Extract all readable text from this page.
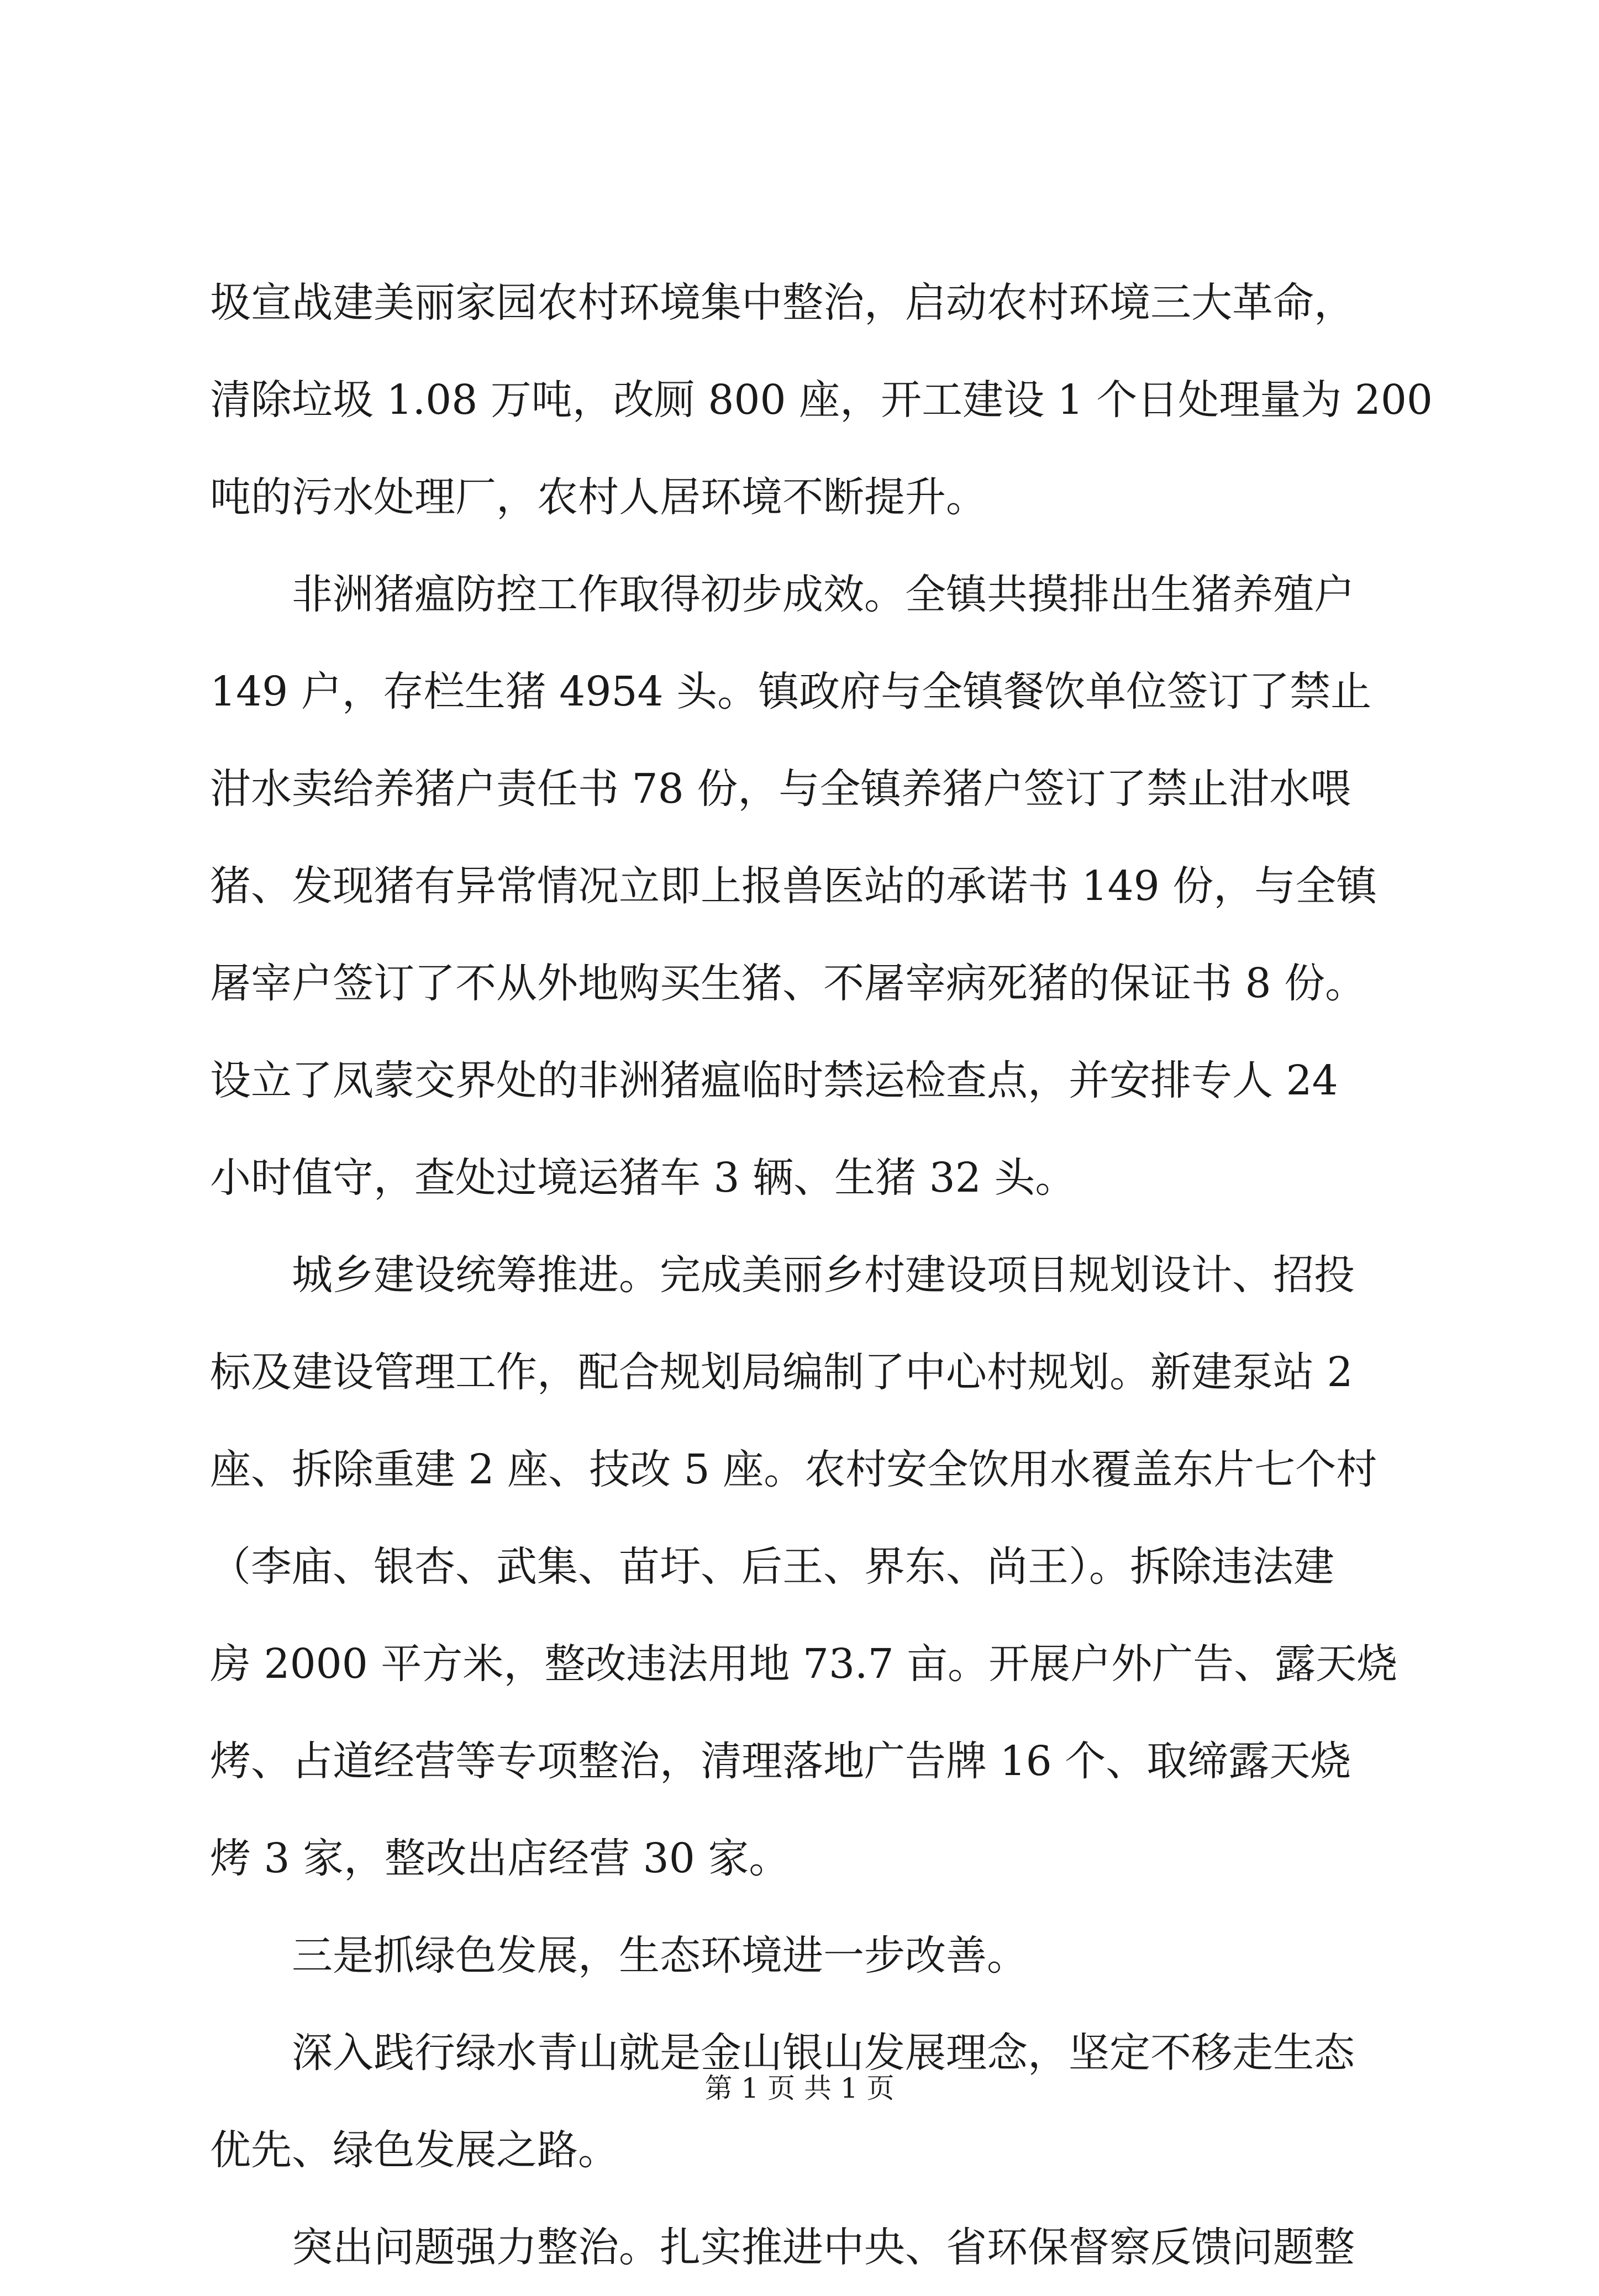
圾宣战建美丽家园农村环境集中整治，启动农村环境三大革命，
清除垃圾 1.08 万吨，改厕 800 座，开工建设 1 个日处理量为 200
吨的污水处理厂，农村人居环境不断提升。
　　非洲猪瘟防控工作取得初步成效。全镇共摸排出生猪养殖户
149 户，存栏生猪 4954 头。镇政府与全镇餐饮单位签订了禁止
泔水卖给养猪户责任书 78 份，与全镇养猪户签订了禁止泔水喂
猪、发现猪有异常情况立即上报兽医站的承诺书 149 份，与全镇
屠宰户签订了不从外地购买生猪、不屠宰病死猪的保证书 8 份。
设立了凤蒙交界处的非洲猪瘟临时禁运检查点，并安排专人 24
小时值守，查处过境运猪车 3 辆、生猪 32 头。
　　城乡建设统筹推进。完成美丽乡村建设项目规划设计、招投
标及建设管理工作，配合规划局编制了中心村规划。新建泵站 2
座、拆除重建 2 座、技改 5 座。农村安全饮用水覆盖东片七个村
（李庙、银杏、武集、苗圩、后王、界东、尚王）。拆除违法建
房 2000 平方米，整改违法用地 73.7 亩。开展户外广告、露天烧
烤、占道经营等专项整治，清理落地广告牌 16 个、取缔露天烧
烤 3 家，整改出店经营 30 家。
　　三是抓绿色发展，生态环境进一步改善。
　　深入践行绿水青山就是金山银山发展理念，坚定不移走生态
优先、绿色发展之路。
　　突出问题强力整治。扎实推进中央、省环保督察反馈问题整
第 1 页 共 1 页
